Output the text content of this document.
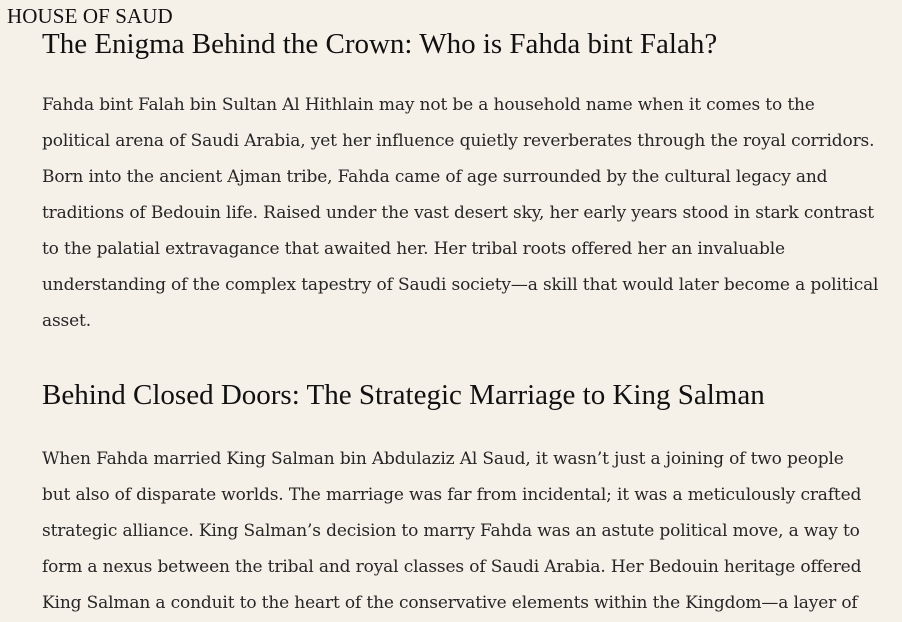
HOUSE OF SAUD
The Enigma Behind the Crown: Who is Fahda bint Falah?

Fahda bint Falah bin Sultan Al Hithlain may not be a household name when it comes to the
political arena of Saudi Arabia, yet her influence quietly reverberates through the royal corridors.
Born into the ancient Ajman tribe, Fahda came of age surrounded by the cultural legacy and
traditions of Bedouin life. Raised under the vast desert sky, her early years stood in stark contrast
to the palatial extravagance that awaited her. Her tribal roots offered her an invaluable
understanding of the complex tapestry of Saudi society—a skill that would later become a political
asset.

Behind Closed Doors: The Strategic Marriage to King Salman

When Fahda married King Salman bin Abdulaziz Al Saud, it wasn’t just a joining of two people
but also of disparate worlds. The marriage was far from incidental; it was a meticulously crafted
strategic alliance. King Salman’s decision to marry Fahda was an astute political move, a way to
form a nexus between the tribal and royal classes of Saudi Arabia. Her Bedouin heritage offered
King Salman a conduit to the heart of the conservative elements within the Kingdom—a layer of
